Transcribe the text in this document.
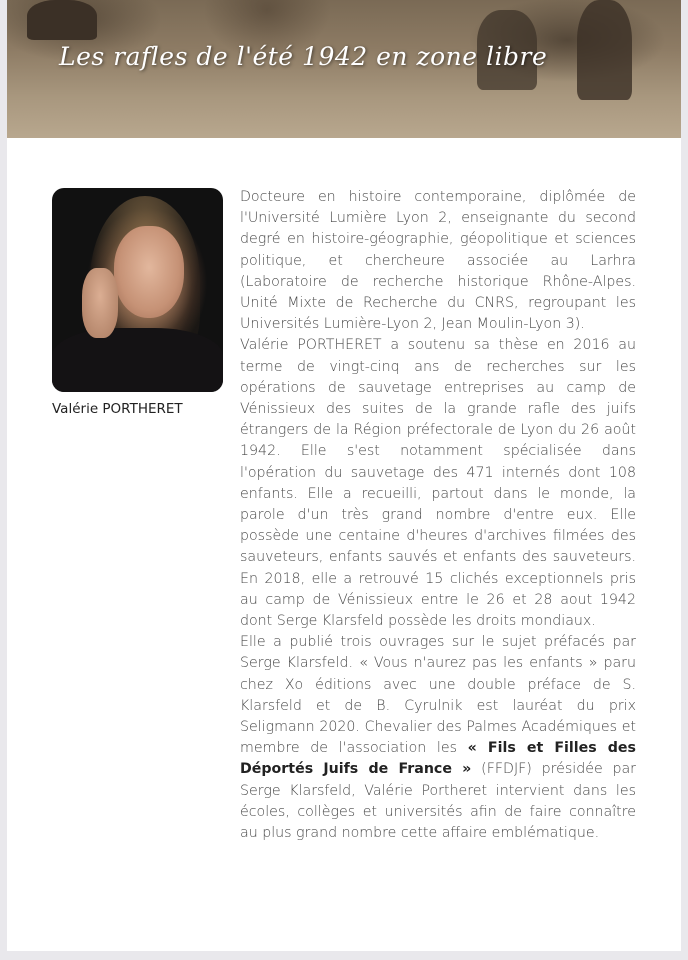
Les rafles de l'été 1942 en zone libre
Valérie PORTHERET

Docteure en histoire contemporaine, diplômée de l'Université Lumière Lyon 2, enseignante du second degré en histoire-géographie, géopolitique et sciences politique, et chercheure associée au Larhra (Laboratoire de recherche historique Rhône-Alpes. Unité Mixte de Recherche du CNRS, regroupant les Universités Lumière-Lyon 2, Jean Moulin-Lyon 3).

Valérie PORTHERET a soutenu sa thèse en 2016 au terme de vingt-cinq ans de recherches sur les opérations de sauvetage entreprises au camp de Vénissieux des suites de la grande rafle des juifs étrangers de la Région préfectorale de Lyon du 26 août 1942. Elle s'est notamment spécialisée dans l'opération du sauvetage des 471 internés dont 108 enfants. Elle a recueilli, partout dans le monde, la parole d'un très grand nombre d'entre eux. Elle possède une centaine d'heures d'archives filmées des sauveteurs, enfants sauvés et enfants des sauveteurs. En 2018, elle a retrouvé 15 clichés exceptionnels pris au camp de Vénissieux entre le 26 et 28 aout 1942 dont Serge Klarsfeld possède les droits mondiaux.

Elle a publié trois ouvrages sur le sujet préfacés par Serge Klarsfeld. « Vous n'aurez pas les enfants » paru chez Xo éditions avec une double préface de S. Klarsfeld et de B. Cyrulnik est lauréat du prix Seligmann 2020. Chevalier des Palmes Académiques et membre de l'association les « Fils et Filles des Déportés Juifs de France » (FFDJF) présidée par Serge Klarsfeld, Valérie Portheret intervient dans les écoles, collèges et universités afin de faire connaître au plus grand nombre cette affaire emblématique.
